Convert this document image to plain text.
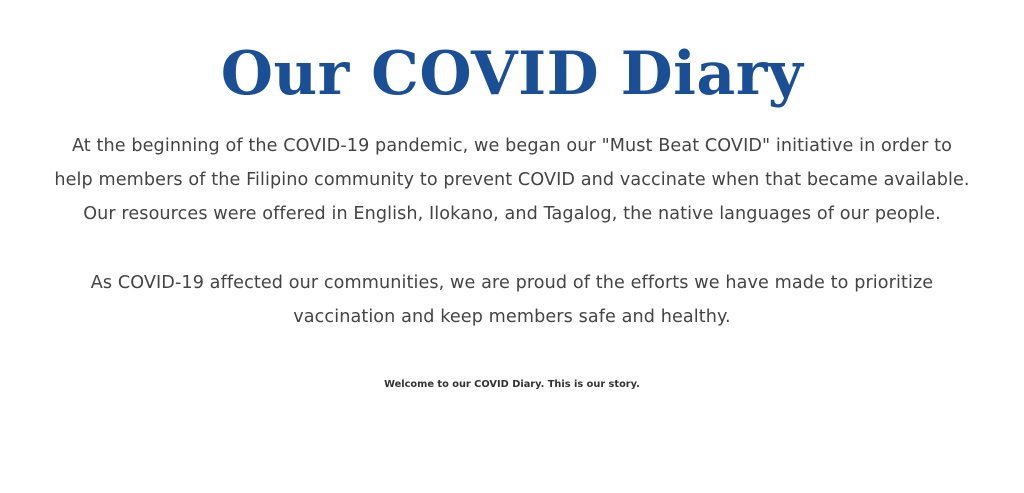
Our COVID Diary

At the beginning of the COVID-19 pandemic, we began our "Must Beat COVID" initiative in order to
help members of the Filipino community to prevent COVID and vaccinate when that became available.
Our resources were offered in English, Ilokano, and Tagalog, the native languages of our people.

As COVID-19 affected our communities, we are proud of the efforts we have made to prioritize
vaccination and keep members safe and healthy.

Welcome to our COVID Diary. This is our story.
